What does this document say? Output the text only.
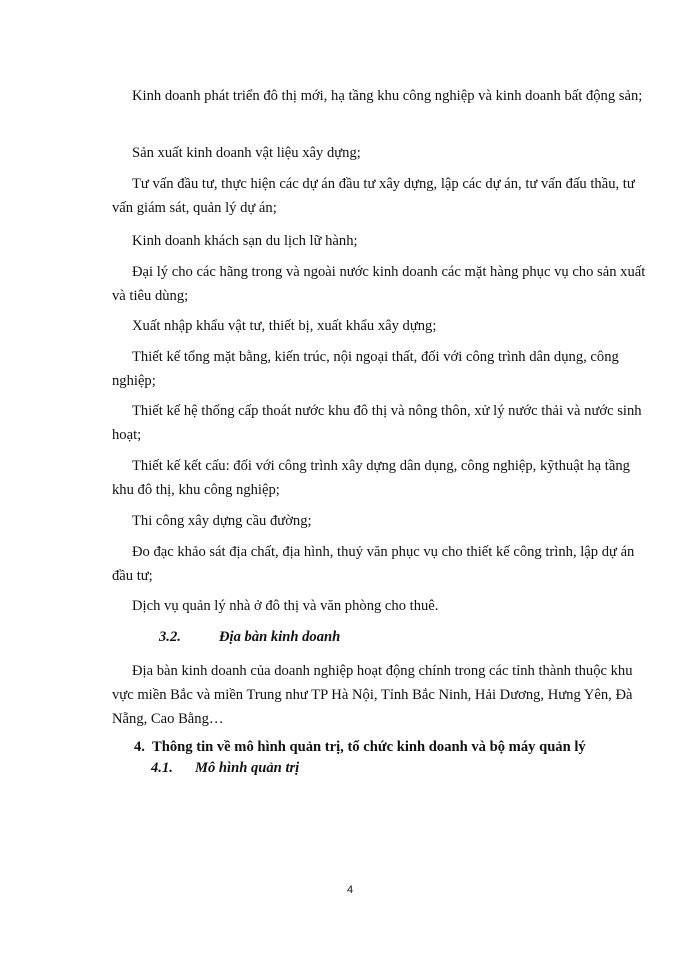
Kinh doanh phát triển đô thị mới, hạ tầng khu công nghiệp và kinh doanh bất động sản;

Sản xuất kinh doanh vật liệu xây dựng;

Tư vấn đầu tư, thực hiện các dự án đầu tư xây dựng, lập các dự án, tư vấn đấu thầu, tư vấn giám sát, quản lý dự án;

Kinh doanh khách sạn du lịch lữ hành;

Đại lý cho các hãng trong và ngoài nước kinh doanh các mặt hàng phục vụ cho sản xuất và tiêu dùng;

Xuất nhập khẩu vật tư, thiết bị, xuất khẩu xây dựng;

Thiết kế tổng mặt bằng, kiến trúc, nội ngoại thất, đối với công trình dân dụng, công nghiệp;

Thiết kế hệ thống cấp thoát nước khu đô thị và nông thôn, xử lý nước thải và nước sinh hoạt;

Thiết kế kết cấu: đối với công trình xây dựng dân dụng, công nghiệp, kỹthuật hạ tầng khu đô thị, khu công nghiệp;

Thi công xây dựng cầu đường;

Đo đạc khảo sát địa chất, địa hình, thuỷ văn phục vụ cho thiết kế công trình, lập dự án đầu tư;

Dịch vụ quản lý nhà ở đô thị và văn phòng cho thuê.

3.2.	Địa bàn kinh doanh

Địa bàn kinh doanh của doanh nghiệp hoạt động chính trong các tỉnh thành thuộc khu vực miền Bắc và miền Trung như TP Hà Nội, Tỉnh Bắc Ninh, Hải Dương, Hưng Yên, Đà Nẵng, Cao Bằng…

4. Thông tin về mô hình quản trị, tổ chức kinh doanh và bộ máy quản lý
4.1. Mô hình quản trị
4
